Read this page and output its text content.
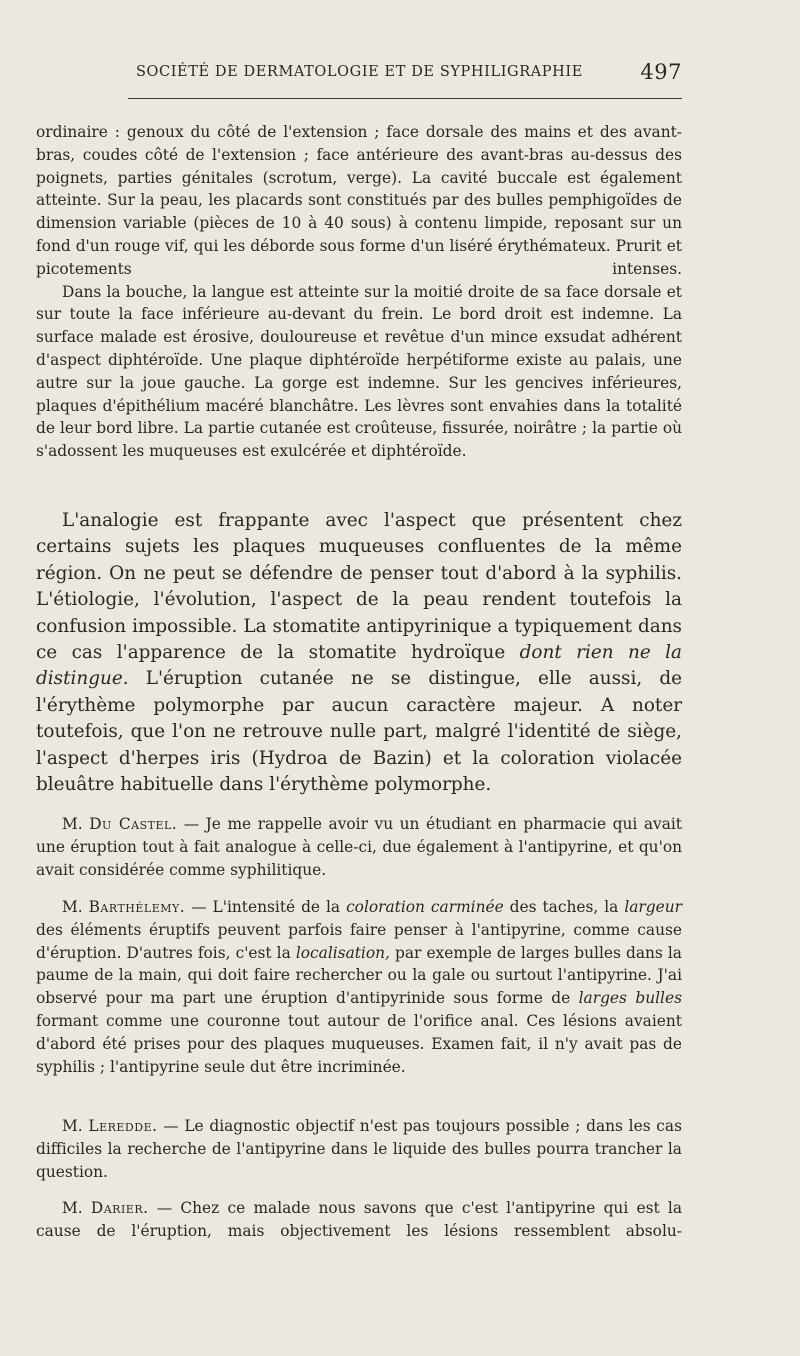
SOCIÉTÉ DE DERMATOLOGIE ET DE SYPHILIGRAPHIE	497

ordinaire : genoux du côté de l'extension ; face dorsale des mains et des avant-bras, coudes côté de l'extension ; face antérieure des avant-bras au-dessus des poignets, parties génitales (scrotum, verge). La cavité buccale est également atteinte. Sur la peau, les placards sont constitués par des bulles pemphigoïdes de dimension variable (pièces de 10 à 40 sous) à contenu limpide, reposant sur un fond d'un rouge vif, qui les déborde sous forme d'un liséré érythémateux. Prurit et picotements intenses.

Dans la bouche, la langue est atteinte sur la moitié droite de sa face dorsale et sur toute la face inférieure au-devant du frein. Le bord droit est indemne. La surface malade est érosive, douloureuse et revêtue d'un mince exsudat adhérent d'aspect diphtéroïde. Une plaque diphtéroïde herpétiforme existe au palais, une autre sur la joue gauche. La gorge est indemne. Sur les gencives inférieures, plaques d'épithélium macéré blanchâtre. Les lèvres sont envahies dans la totalité de leur bord libre. La partie cutanée est croûteuse, fissurée, noirâtre ; la partie où s'adossent les muqueuses est exulcérée et diphtéroïde.

L'analogie est frappante avec l'aspect que présentent chez certains sujets les plaques muqueuses confluentes de la même région. On ne peut se défendre de penser tout d'abord à la syphilis. L'étiologie, l'évolution, l'aspect de la peau rendent toutefois la confusion impossible. La stomatite antipyrinique a typiquement dans ce cas l'apparence de la stomatite hydroïque dont rien ne la distingue. L'éruption cutanée ne se distingue, elle aussi, de l'érythème polymorphe par aucun caractère majeur. A noter toutefois, que l'on ne retrouve nulle part, malgré l'identité de siège, l'aspect d'herpes iris (Hydroa de Bazin) et la coloration violacée bleuâtre habituelle dans l'érythème polymorphe.

M. Du Castel. — Je me rappelle avoir vu un étudiant en pharmacie qui avait une éruption tout à fait analogue à celle-ci, due également à l'antipyrine, et qu'on avait considérée comme syphilitique.

M. Barthélemy. — L'intensité de la coloration carminée des taches, la largeur des éléments éruptifs peuvent parfois faire penser à l'antipyrine, comme cause d'éruption. D'autres fois, c'est la localisation, par exemple de larges bulles dans la paume de la main, qui doit faire rechercher ou la gale ou surtout l'antipyrine. J'ai observé pour ma part une éruption d'antipyrinide sous forme de larges bulles formant comme une couronne tout autour de l'orifice anal. Ces lésions avaient d'abord été prises pour des plaques muqueuses. Examen fait, il n'y avait pas de syphilis ; l'antipyrine seule dut être incriminée.

M. Leredde. — Le diagnostic objectif n'est pas toujours possible ; dans les cas difficiles la recherche de l'antipyrine dans le liquide des bulles pourra trancher la question.

M. Darier. — Chez ce malade nous savons que c'est l'antipyrine qui est la cause de l'éruption, mais objectivement les lésions ressemblent absolu-
